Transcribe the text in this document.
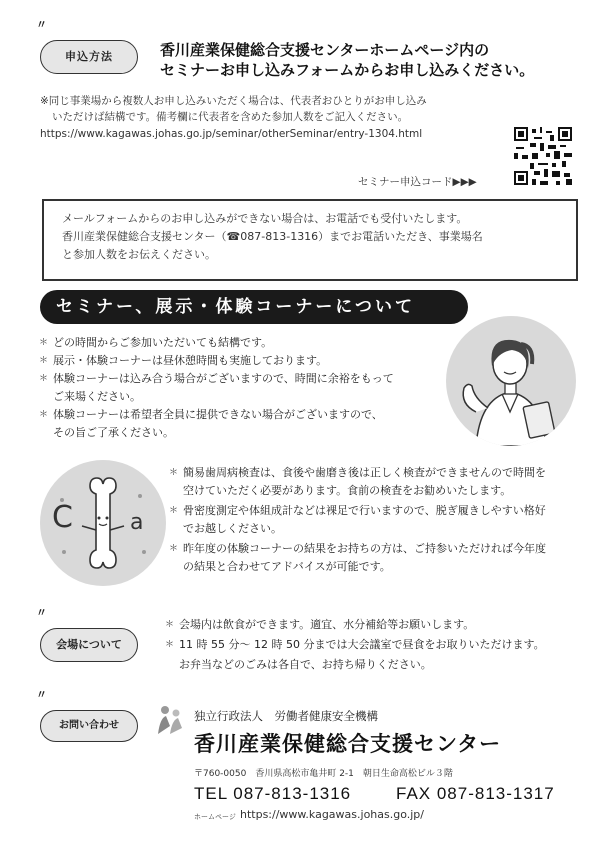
〃
申込方法	香川産業保健総合支援センターホームページ内の
セミナーお申し込みフォームからお申し込みください。
※同じ事業場から複数人お申し込みいただく場合は、代表者おひとりがお申し込み
いただけば結構です。備考欄に代表者を含めた参加人数をご記入ください。
https://www.kagawas.johas.go.jp/seminar/otherSeminar/entry-1304.html
セミナー申込コード▶▶▶
メールフォームからのお申し込みができない場合は、お電話でも受付いたします。
香川産業保健総合支援センター（☎087-813-1316）までお電話いただき、事業場名
と参加人数をお伝えください。
セミナー、展示・体験コーナーについて
＊ どの時間からご参加いただいても結構です。
＊ 展示・体験コーナーは昼休憩時間も実施しております。
＊ 体験コーナーは込み合う場合がございますので、時間に余裕をもって
ご来場ください。
＊ 体験コーナーは希望者全員に提供できない場合がございますので、
その旨ご了承ください。
C	a
＊ 簡易歯周病検査は、食後や歯磨き後は正しく検査ができませんので時間を
空けていただく必要があります。食前の検査をお勧めいたします。
＊ 骨密度測定や体組成計などは裸足で行いますので、脱ぎ履きしやすい格好
でお越しください。
＊ 昨年度の体験コーナーの結果をお持ちの方は、ご持参いただければ今年度
の結果と合わせてアドバイスが可能です。
〃
会場について
＊ 会場内は飲食ができます。適宜、水分補給等お願いします。
＊ 11 時 55 分～ 12 時 50 分までは大会議室で昼食をお取りいただけます。
お弁当などのごみは各自で、お持ち帰りください。
〃
お問い合わせ
独立行政法人　労働者健康安全機構
香川産業保健総合支援センター
〒760-0050　香川県高松市亀井町 2-1　朝日生命高松ビル３階
TEL 087-813-1316	FAX 087-813-1317
ホームページ https://www.kagawas.johas.go.jp/
